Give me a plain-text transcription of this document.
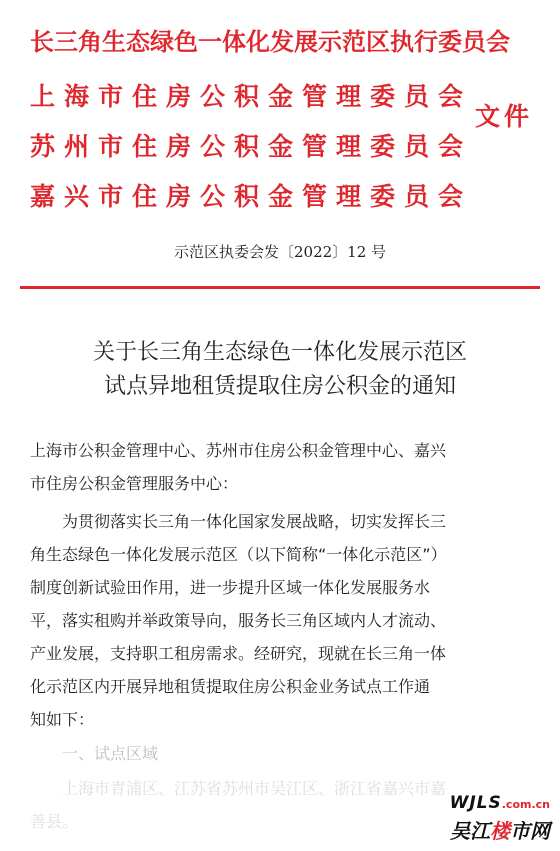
长三角生态绿色一体化发展示范区执行委员会
上海市住房公积金管理委员会
苏州市住房公积金管理委员会
嘉兴市住房公积金管理委员会
文件
示范区执委会发〔2022〕12 号
关于长三角生态绿色一体化发展示范区
试点异地租赁提取住房公积金的通知
上海市公积金管理中心、苏州市住房公积金管理中心、嘉兴
市住房公积金管理服务中心：
　　为贯彻落实长三角一体化国家发展战略，切实发挥长三
角生态绿色一体化发展示范区（以下简称“一体化示范区”）
制度创新试验田作用，进一步提升区域一体化发展服务水
平，落实租购并举政策导向，服务长三角区域内人才流动、
产业发展，支持职工租房需求。经研究，现就在长三角一体
化示范区内开展异地租赁提取住房公积金业务试点工作通
知如下：
　　一、试点区域
　　上海市青浦区、江苏省苏州市吴江区、浙江省嘉兴市嘉
善县。
WJLS.com.cn
吴江楼市网
